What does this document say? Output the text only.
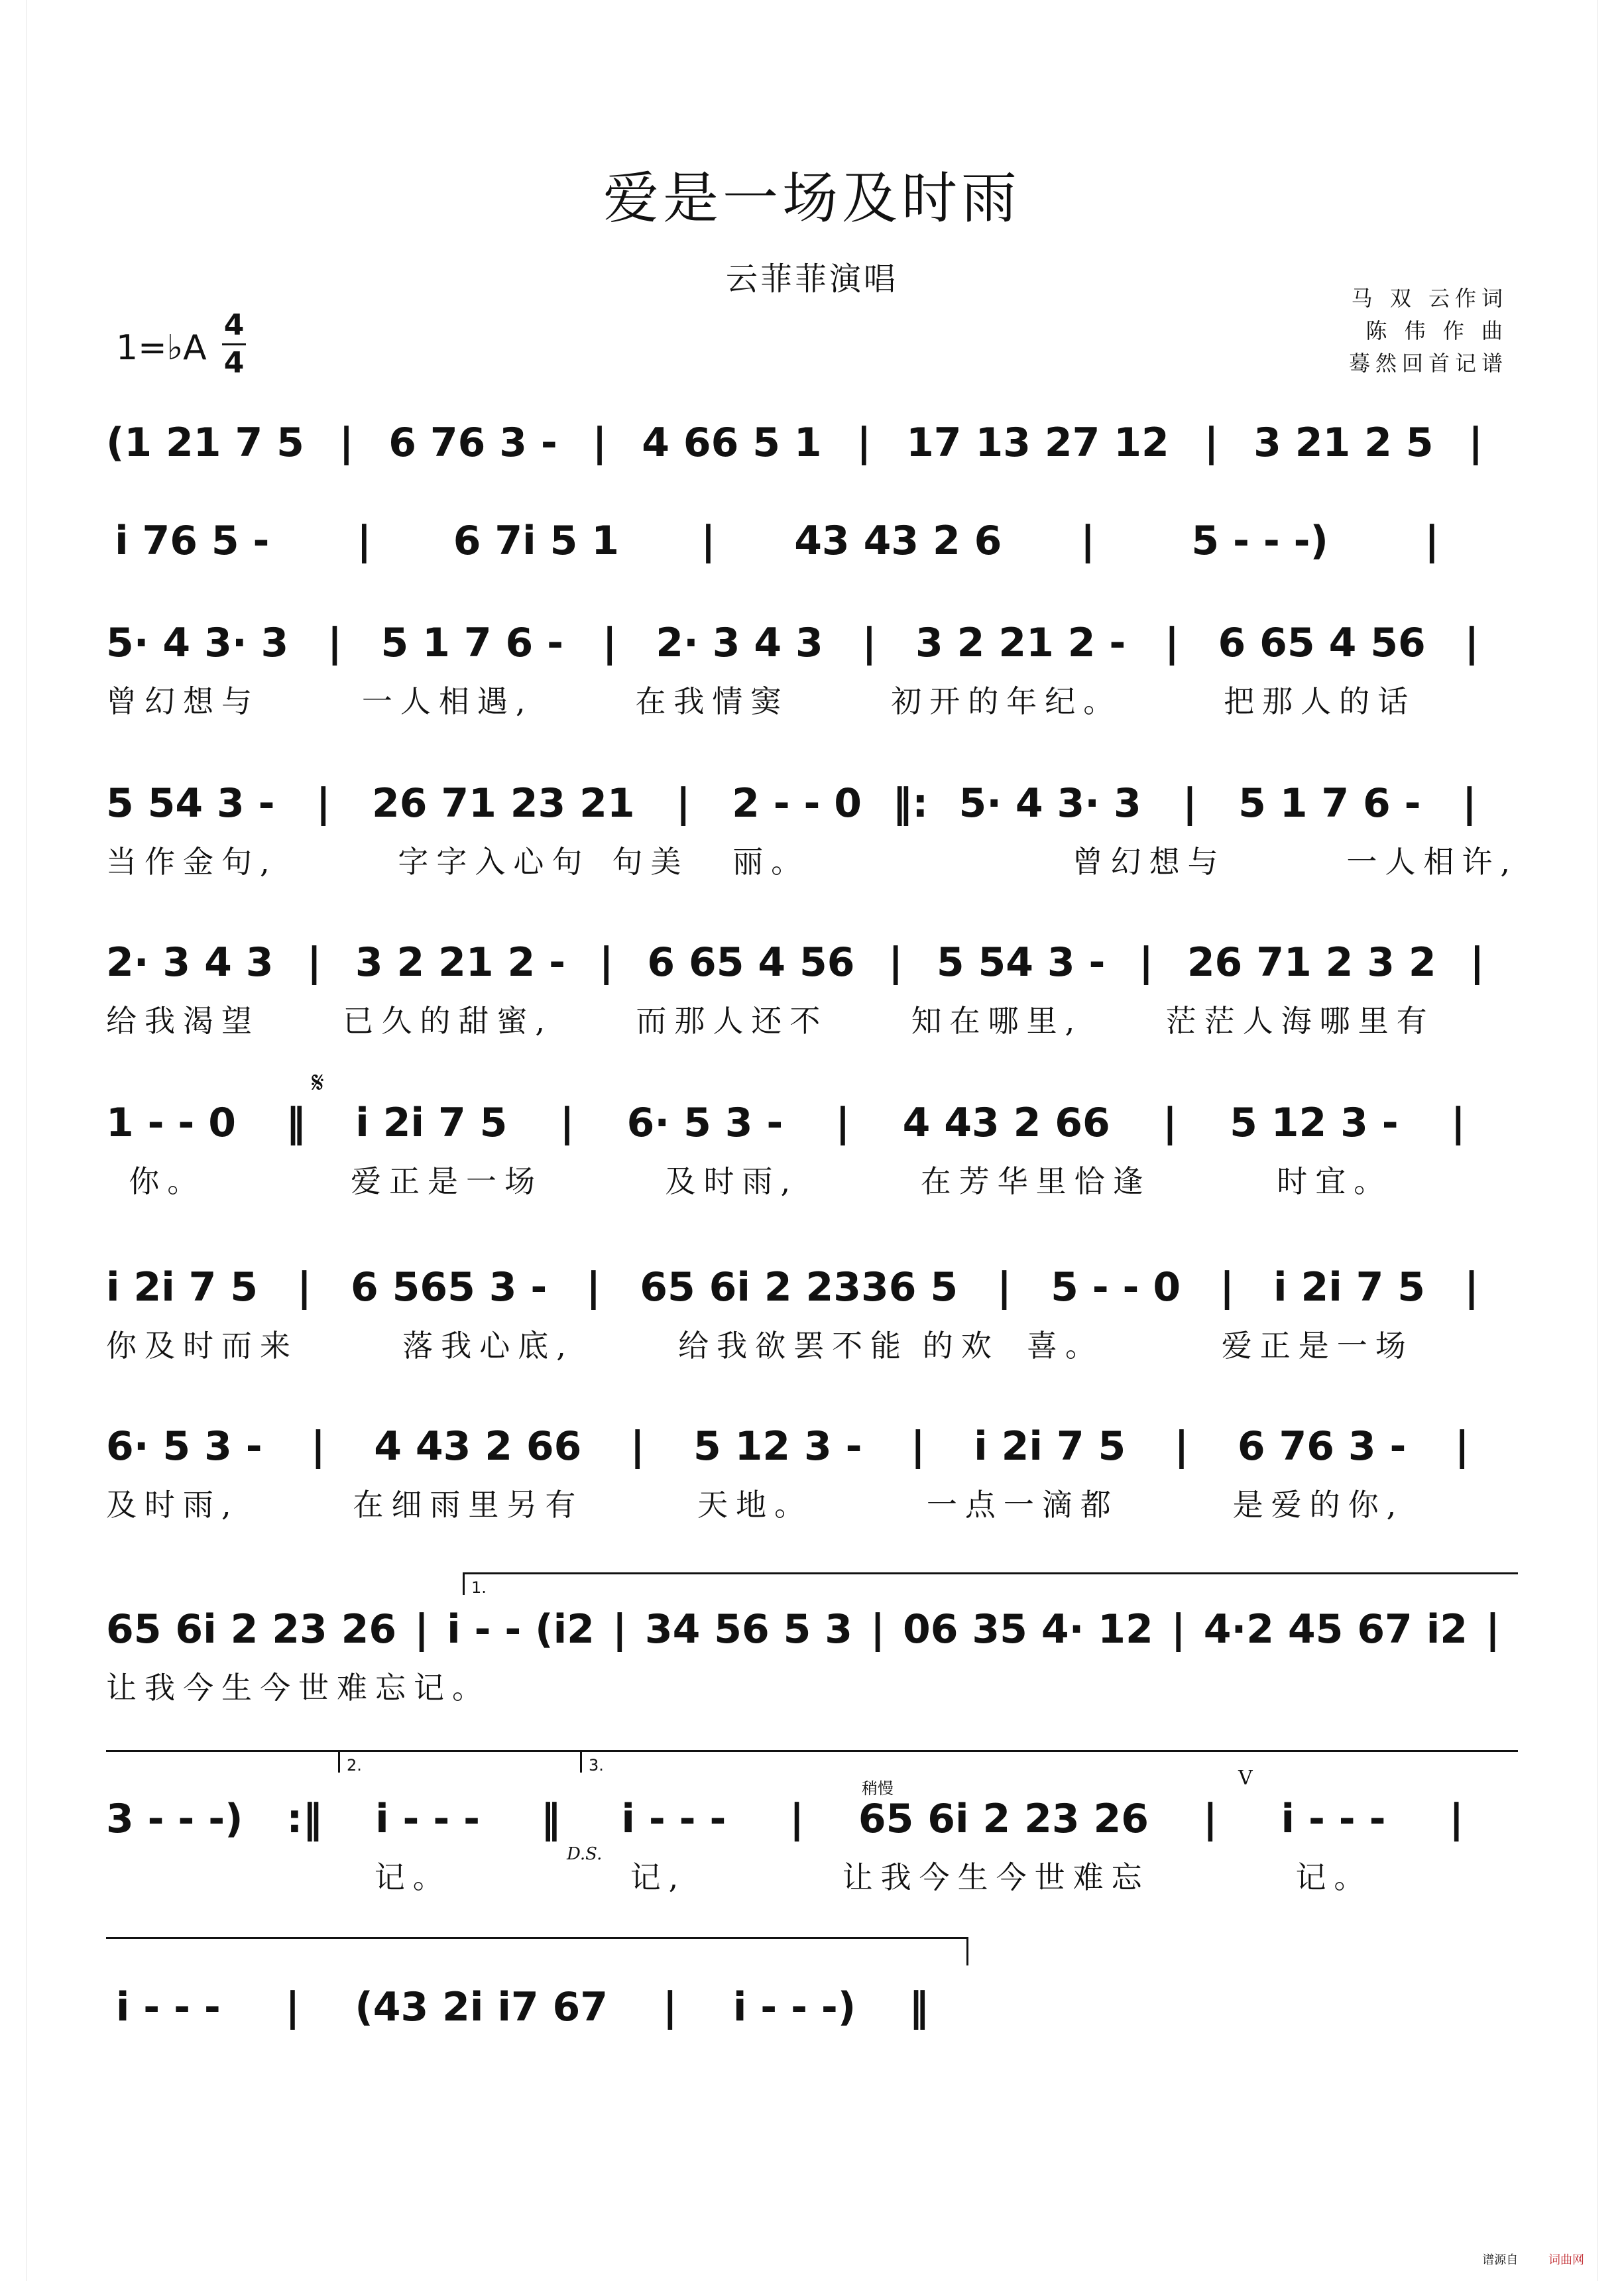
爱是一场及时雨
云菲菲演唱
马 双 云作词
陈 伟 作 曲
蓦然回首记谱
1=♭A
4
4
(1 21 7 5 | 6 76 3 - | 4 66 5 1 | 17 13 27 12 | 3 21 2 5 |
i 76 5 -	|	6 7i 5 1	|	43 43 2 6	|	5 - - -)	|
5· 4 3· 3 | 5 1 7 6 - | 2· 3 4 3 | 3 2 21 2 - | 6 65 4 56 |
曾幻想与	一人相遇,	在我情窦	初开的年纪。	把那人的话
5 54 3 -	|	26 71 23 21	|	2 - - 0 ‖: 5· 4 3· 3	|	5 1 7 6 -	|
当作金句,	字字入心句 句美	丽。	曾幻想与	一人相许,
2· 3 4 3 | 3 2 21 2 - | 6 65 4 56 | 5 54 3 - | 26 71 2 3 2 |
给我渴望	已久的甜蜜,	而那人还不	知在哪里,	茫茫人海哪里有
𝄋
1 - - 0	‖	i 2i 7 5	|	6· 5 3 -	|	4 43 2 66	|	5 12 3 -	|
你。	爱正是一场	及时雨,	在芳华里恰逢	时宜。
i 2i 7 5 | 6 565 3 - | 65 6i 2 23 36 5 | 5 - - 0 | i 2i 7 5 |
你及时而来	落我心底,	给我欲罢不能 的欢 喜。	爱正是一场
6· 5 3 -	|	4 43 2 66	|	5 12 3 -	|	i 2i 7 5	|	6 76 3 -	|
及时雨,	在细雨里另有	天地。	一点一滴都	是爱的你,
1.
65 6i 2 23 26 | i - - (i2 | 34 56 5 3 | 06 35 4· 12 | 4·2 45 67 i2 |
让我今生今世难忘记。
2.	3.
稍慢	V
D.S.
3 - - -)	:‖	i - - -	‖	i - - -	|	65 6i 2 23 26	|	i - - -	|
记。	记,	让我今生今世难忘	记。
i - - -	|	(43 2i i7 67	|	i - - -)	‖
谱源自	词曲网
